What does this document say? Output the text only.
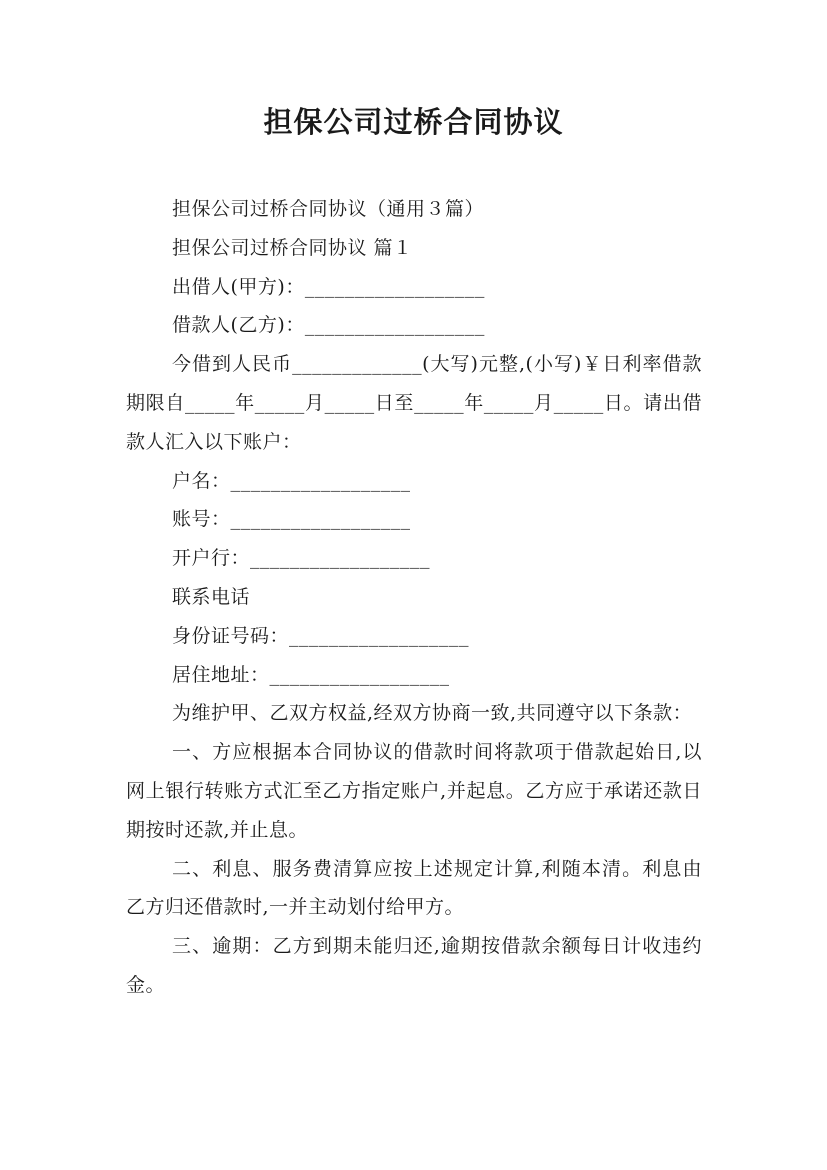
担保公司过桥合同协议

担保公司过桥合同协议（通用３篇）

担保公司过桥合同协议 篇１

出借人(甲方)：__________________

借款人(乙方)：__________________

今借到人民币_____________(大写)元整,(小写)￥日利率借款期限自_____年_____月_____日至_____年_____月_____日。请出借款人汇入以下账户：

户名：__________________

账号：__________________

开户行：__________________

联系电话

身份证号码：__________________

居住地址：__________________

为维护甲、乙双方权益,经双方协商一致,共同遵守以下条款：

一、方应根据本合同协议的借款时间将款项于借款起始日,以网上银行转账方式汇至乙方指定账户,并起息。乙方应于承诺还款日期按时还款,并止息。

二、利息、服务费清算应按上述规定计算,利随本清。利息由乙方归还借款时,一并主动划付给甲方。

三、逾期：乙方到期未能归还,逾期按借款余额每日计收违约金。
